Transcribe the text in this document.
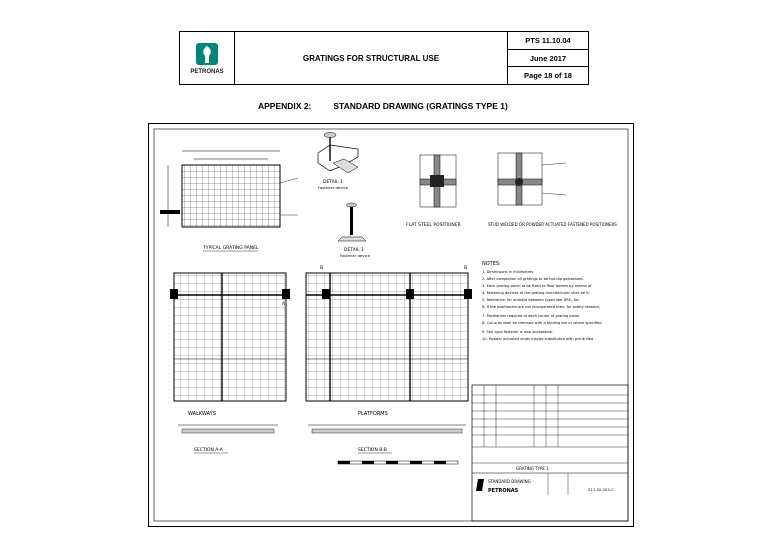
PETRONAS
GRATINGS FOR STRUCTURAL USE
PTS 11.10.04
June 2017
Page 18 of 18
APPENDIX 2:	STANDARD DRAWING (GRATINGS TYPE 1)
TYPICAL GRATING PANEL
DETAIL 1
Fastener device
DETAIL 1
Fastener device
FLAT STEEL POSITIONER	STUD WELDED OR POWDER ACTUATED FASTENED POSITIONERS
A
A
WALKWAYS
SECTION A-A
B	B
PLATFORMS
SECTION B-B
NOTES:
1. Dimensions in millimetres.
2. After completion all gratings to be hot-dip galvanized.
3. Each grating panel to be fixed to floor beams by means of
4. Fastening devices of the grating manufacturer shall be in
5. Reference: for antiskid between types see DRG. No.
6. If the positioners are not incorporated then, for safety reasons,
7. Positioners required at each corner of grating panel
8. Cut-outs shall be trimmed with a binding bar or where specified
9. Skir type fastener is also acceptable.
10. Powder actuated studs maybe substituted with pre-drilled
GRATING TYPE 1
STANDARD DRAWING
PETRONAS	S11.02.003-C
